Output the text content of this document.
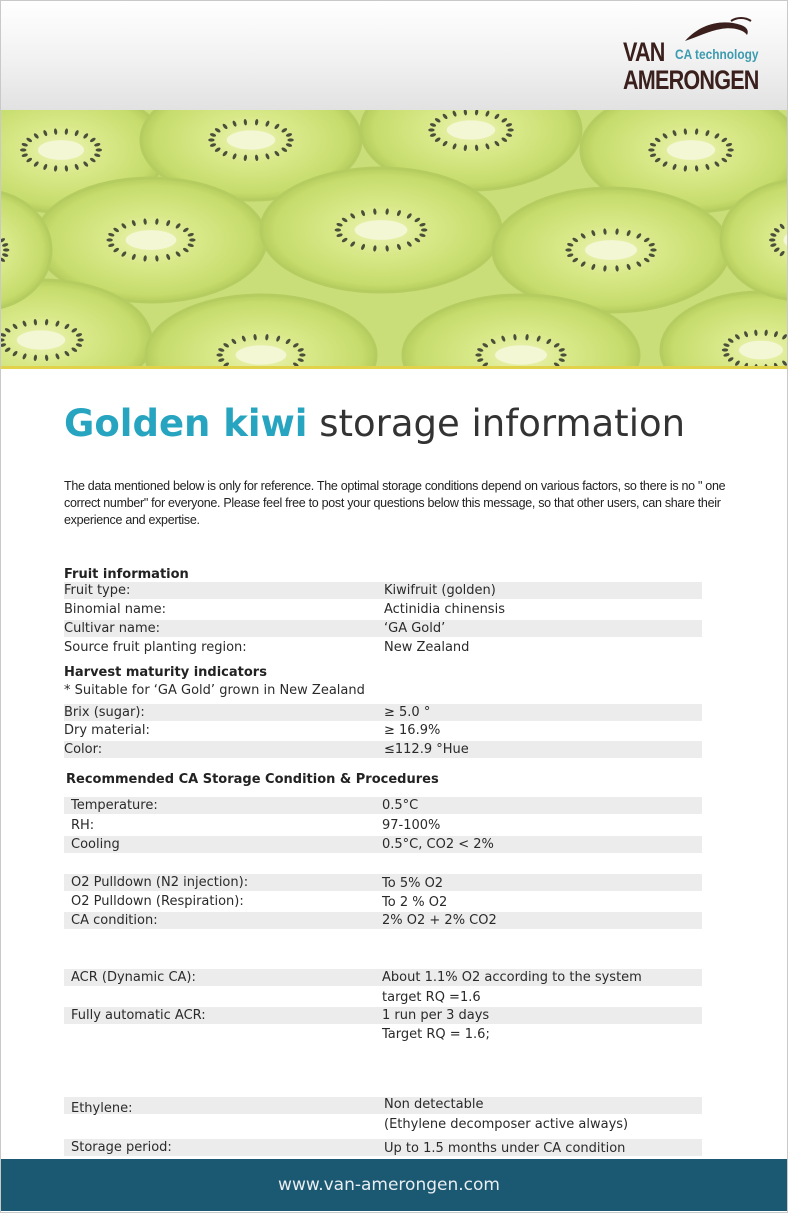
VAN CA technology
AMERONGEN
Golden kiwi storage information
The data mentioned below is only for reference. The optimal storage conditions depend on various factors, so there is no " one correct number" for everyone. Please feel free to post your questions below this message, so that other users, can share their experience and expertise.
Fruit information
Fruit type:	Kiwifruit (golden)
Binomial name:	Actinidia chinensis
Cultivar name:	‘GA Gold’
Source fruit planting region:	New Zealand
Harvest maturity indicators
* Suitable for ‘GA Gold’ grown in New Zealand
Brix (sugar):	≥ 5.0 °
Dry material:	≥ 16.9%
Color:	≤112.9 °Hue
Recommended CA Storage Condition & Procedures
Temperature:	0.5°C
RH:	97-100%
Cooling	0.5°C, CO2 < 2%
O2 Pulldown (N2 injection):	To 5% O2
O2 Pulldown (Respiration):	To 2 % O2
CA condition:	2% O2 + 2% CO2
ACR (Dynamic CA):	About 1.1% O2 according to the system
target RQ =1.6
Fully automatic ACR:	1 run per 3 days
Target RQ = 1.6;
Ethylene:	Non detectable
(Ethylene decomposer active always)
Storage period:	Up to 1.5 months under CA condition
www.van-amerongen.com
